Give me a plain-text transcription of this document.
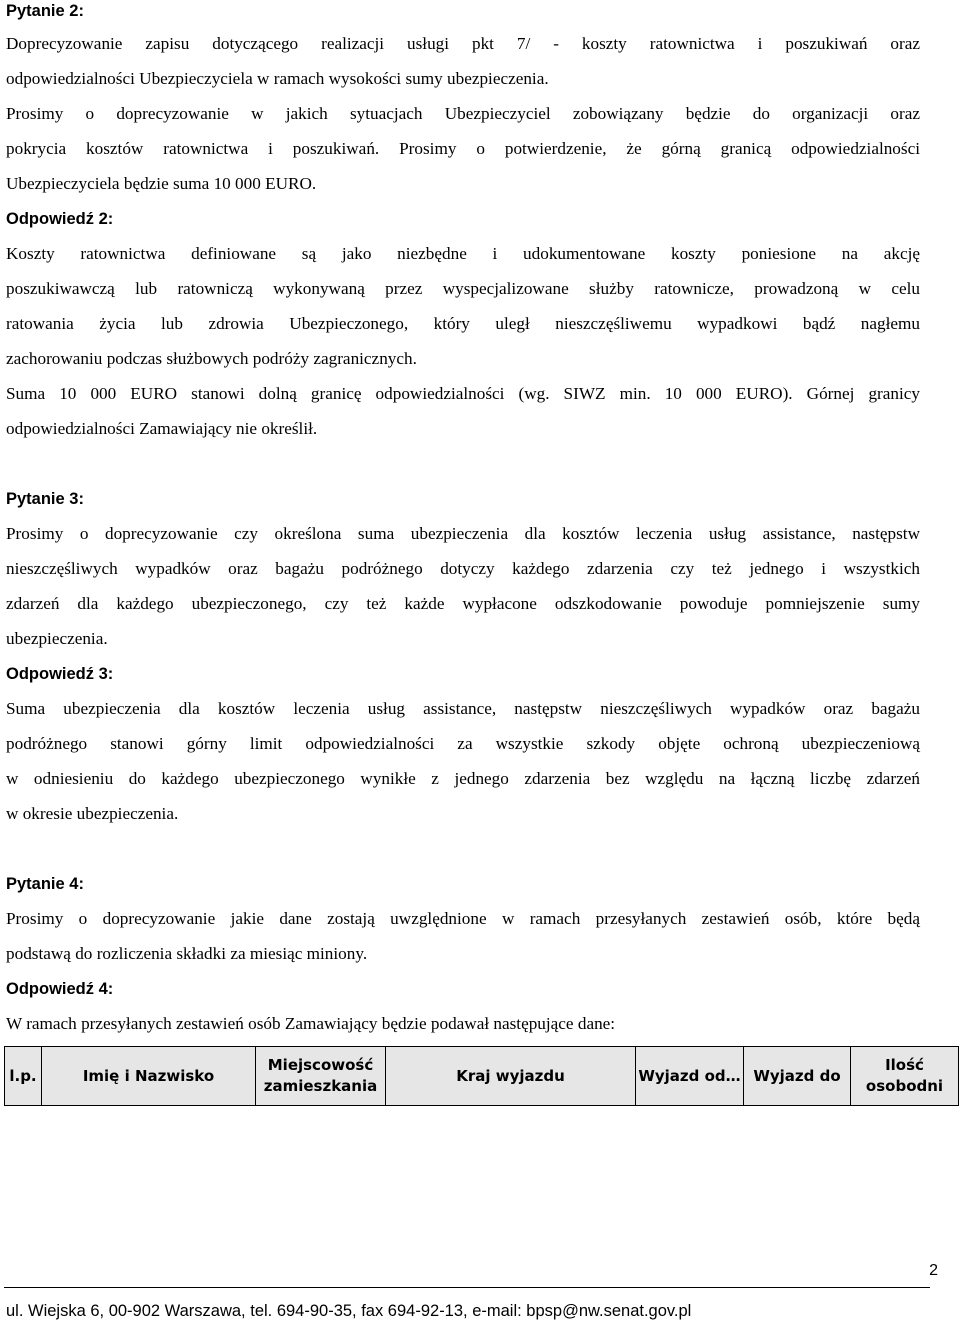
Pytanie 2:
Doprecyzowanie zapisu dotyczącego realizacji usługi pkt 7/ - koszty ratownictwa i poszukiwań oraz
odpowiedzialności Ubezpieczyciela w ramach wysokości sumy ubezpieczenia.
Prosimy o doprecyzowanie w jakich sytuacjach Ubezpieczyciel zobowiązany będzie do organizacji oraz
pokrycia kosztów ratownictwa i poszukiwań. Prosimy o potwierdzenie, że górną granicą odpowiedzialności
Ubezpieczyciela będzie suma 10 000 EURO.
Odpowiedź 2:
Koszty ratownictwa definiowane są jako niezbędne i udokumentowane koszty poniesione na akcję
poszukiwawczą lub ratowniczą wykonywaną przez wyspecjalizowane służby ratownicze, prowadzoną w celu
ratowania życia lub zdrowia Ubezpieczonego, który uległ nieszczęśliwemu wypadkowi bądź nagłemu
zachorowaniu podczas służbowych podróży zagranicznych.
Suma 10 000 EURO stanowi dolną granicę odpowiedzialności (wg. SIWZ min. 10 000 EURO). Górnej granicy
odpowiedzialności Zamawiający nie określił.
Pytanie 3:
Prosimy o doprecyzowanie czy określona suma ubezpieczenia dla kosztów leczenia usług assistance, następstw
nieszczęśliwych wypadków oraz bagażu podróżnego dotyczy każdego zdarzenia czy też jednego i wszystkich
zdarzeń dla każdego ubezpieczonego, czy też każde wypłacone odszkodowanie powoduje pomniejszenie sumy
ubezpieczenia.
Odpowiedź 3:
Suma ubezpieczenia dla kosztów leczenia usług assistance, następstw nieszczęśliwych wypadków oraz bagażu
podróżnego stanowi górny limit odpowiedzialności za wszystkie szkody objęte ochroną ubezpieczeniową
w odniesieniu do każdego ubezpieczonego wynikłe z jednego zdarzenia bez względu na łączną liczbę zdarzeń
w okresie ubezpieczenia.
Pytanie 4:
Prosimy o doprecyzowanie jakie dane zostają uwzględnione w ramach przesyłanych zestawień osób, które będą
podstawą do rozliczenia składki za miesiąc miniony.
Odpowiedź 4:
W ramach przesyłanych zestawień osób Zamawiający będzie podawał następujące dane:
l.p.	Imię i Nazwisko	Miejscowość zamieszkania	Kraj wyjazdu	Wyjazd od…	Wyjazd do	Ilość osobodni
2
ul. Wiejska 6, 00-902 Warszawa, tel. 694-90-35, fax 694-92-13, e-mail: bpsp@nw.senat.gov.pl
